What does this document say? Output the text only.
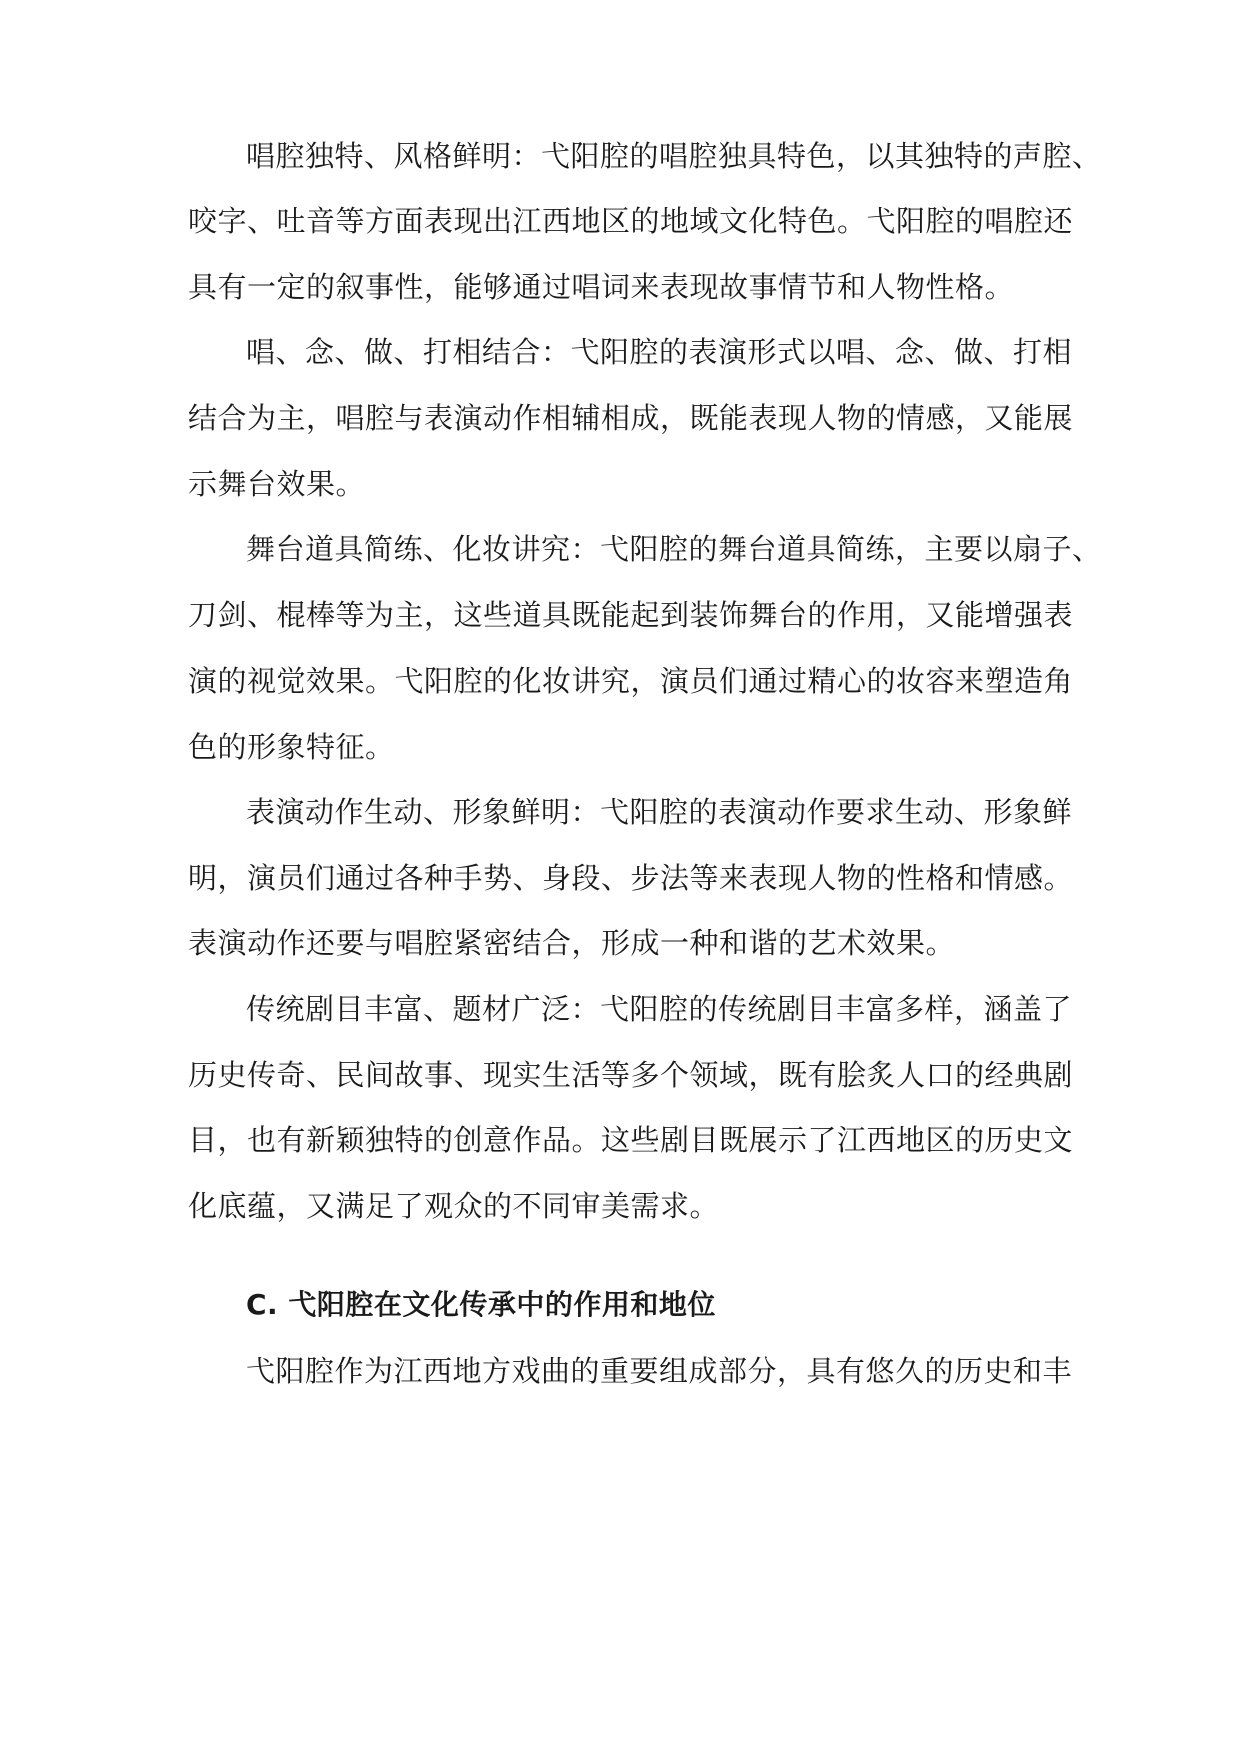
唱腔独特、风格鲜明：弋阳腔的唱腔独具特色，以其独特的声腔、
咬字、吐音等方面表现出江西地区的地域文化特色。弋阳腔的唱腔还
具有一定的叙事性，能够通过唱词来表现故事情节和人物性格。
唱、念、做、打相结合：弋阳腔的表演形式以唱、念、做、打相
结合为主，唱腔与表演动作相辅相成，既能表现人物的情感，又能展
示舞台效果。
舞台道具简练、化妆讲究：弋阳腔的舞台道具简练，主要以扇子、
刀剑、棍棒等为主，这些道具既能起到装饰舞台的作用，又能增强表
演的视觉效果。弋阳腔的化妆讲究，演员们通过精心的妆容来塑造角
色的形象特征。
表演动作生动、形象鲜明：弋阳腔的表演动作要求生动、形象鲜
明，演员们通过各种手势、身段、步法等来表现人物的性格和情感。
表演动作还要与唱腔紧密结合，形成一种和谐的艺术效果。
传统剧目丰富、题材广泛：弋阳腔的传统剧目丰富多样，涵盖了
历史传奇、民间故事、现实生活等多个领域，既有脍炙人口的经典剧
目，也有新颖独特的创意作品。这些剧目既展示了江西地区的历史文
化底蕴，又满足了观众的不同审美需求。
C. 弋阳腔在文化传承中的作用和地位
弋阳腔作为江西地方戏曲的重要组成部分，具有悠久的历史和丰
